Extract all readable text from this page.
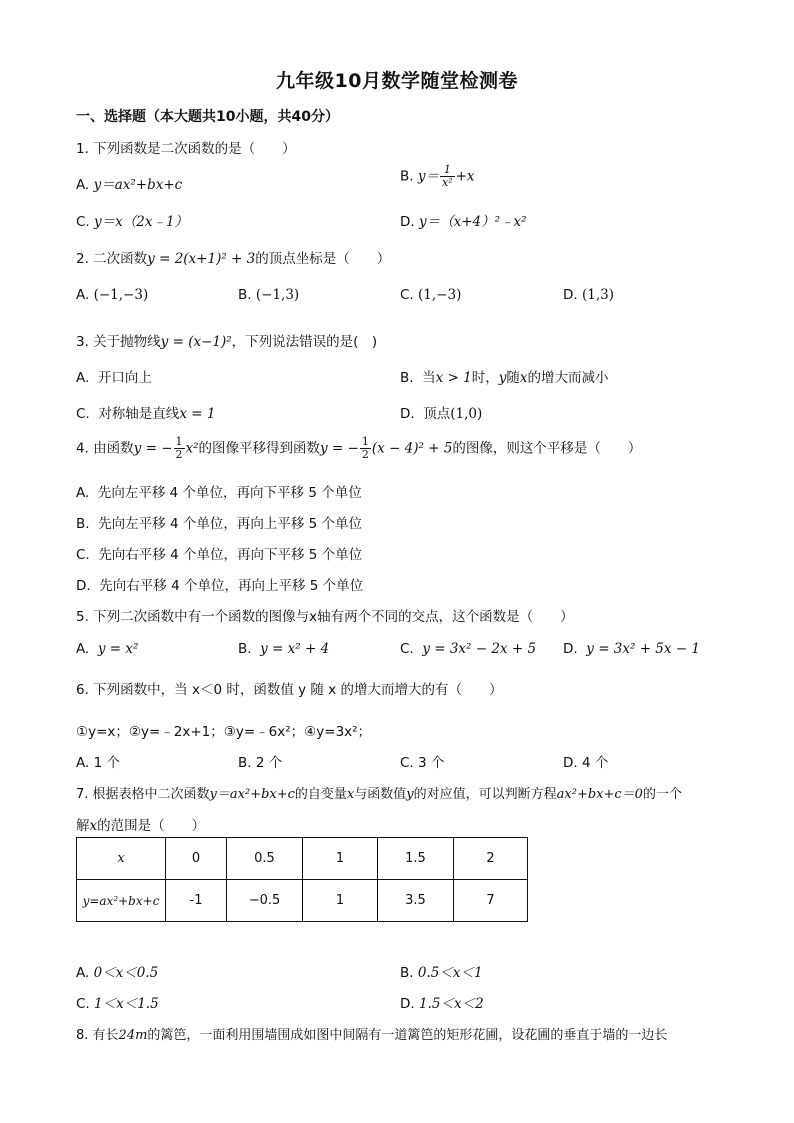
九年级10月数学随堂检测卷
一、选择题（本大题共10小题，共40分）
1. 下列函数是二次函数的是（　　）
A. y＝ax²+bx+c
B. $y= \frac{1}{\text{x²}} +x$
C. y＝x（2x﹣1）	D. y＝（x+4）²﹣x²
2. 二次函数y = 2(x+1)² + 3的顶点坐标是（　　）
A. (−1,−3)	B. (−1,3)	C. (1,−3)	D. (1,3)
3. 关于抛物线y = (x−1)²，下列说法错误的是(　)
A. 开口向上	B. 当x > 1时，y随x的增大而减小
C. 对称轴是直线x = 1	D. 顶点(1,0)
4. 由函数y = − $\frac{1}{2} x^2$的图像平移得到函数y = − $\frac{1}{2} (x - 4)^2 + 5$的图像，则这个平移是（　　）
A. 先向左平移 4 个单位，再向下平移 5 个单位
B. 先向左平移 4 个单位，再向上平移 5 个单位
C. 先向右平移 4 个单位，再向下平移 5 个单位
D. 先向右平移 4 个单位，再向上平移 5 个单位
5. 下列二次函数中有一个函数的图像与x轴有两个不同的交点，这个函数是（　　）
A. y = x²	B. y = x² + 4	C. y = 3x² − 2x + 5 D. y = 3x² + 5x − 1
6. 下列函数中，当 x＜0 时，函数值 y 随 x 的增大而增大的有（　　）
①y=x；②y=﹣2x+1；③y=﹣6x²；④y=3x²；
A. 1 个	B. 2 个	C. 3 个	D. 4 个
7. 根据表格中二次函数y＝ax²+bx+c的自变量x与函数值y的对应值，可以判断方程ax²+bx+c＝0的一个
解x的范围是（　　）
x	0	0.5	1	1.5	2
y=ax²+bx+c	-1	−0.5	1	3.5	7
A. 0＜x＜0.5	B. 0.5＜x＜1
C. 1＜x＜1.5	D. 1.5＜x＜2
8. 有长24m的篱笆，一面利用围墙围成如图中间隔有一道篱笆的矩形花圃，设花圃的垂直于墙的一边长
